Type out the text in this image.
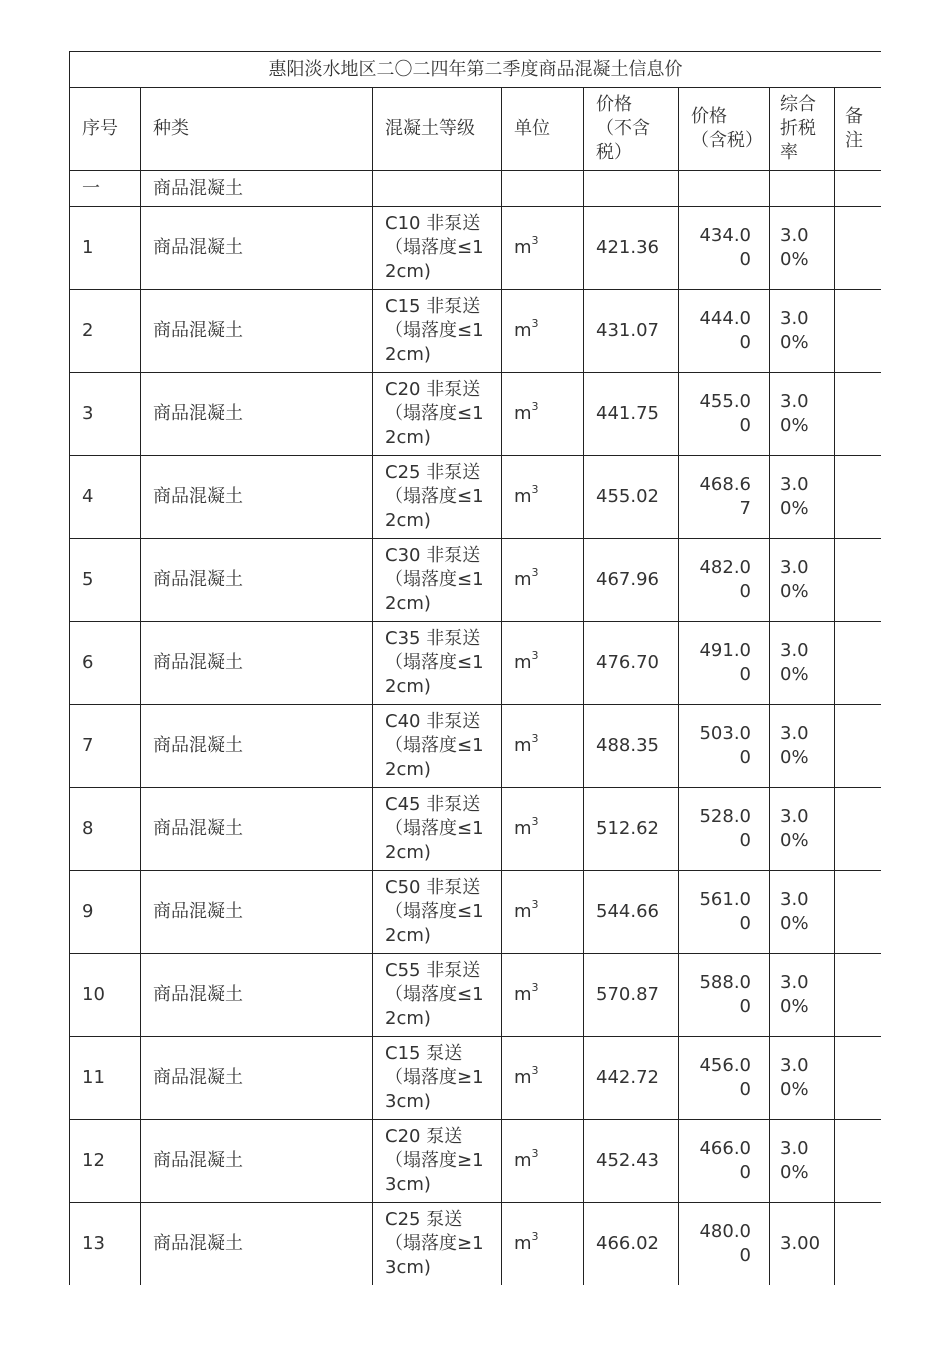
惠阳淡水地区二〇二四年第二季度商品混凝土信息价							
序号	种类	混凝土等级	单位	价格（不含税）	价格（含税）	综合折税率	备注
一	商品混凝土						
1	商品混凝土	C10 非泵送（塌落度≤12cm)	$m^3$	421.36	434.00	3.00%	
2	商品混凝土	C15 非泵送（塌落度≤12cm)	$m^3$	431.07	444.00	3.00%	
3	商品混凝土	C20 非泵送（塌落度≤12cm)	$m^3$	441.75	455.00	3.00%	
4	商品混凝土	C25 非泵送（塌落度≤12cm)	$m^3$	455.02	468.67	3.00%	
5	商品混凝土	C30 非泵送（塌落度≤12cm)	$m^3$	467.96	482.00	3.00%	
6	商品混凝土	C35 非泵送（塌落度≤12cm)	$m^3$	476.70	491.00	3.00%	
7	商品混凝土	C40 非泵送（塌落度≤12cm)	$m^3$	488.35	503.00	3.00%	
8	商品混凝土	C45 非泵送（塌落度≤12cm)	$m^3$	512.62	528.00	3.00%	
9	商品混凝土	C50 非泵送（塌落度≤12cm)	$m^3$	544.66	561.00	3.00%	
10	商品混凝土	C55 非泵送（塌落度≤12cm)	$m^3$	570.87	588.00	3.00%	
11	商品混凝土	C15 泵送（塌落度≥13cm)	$m^3$	442.72	456.00	3.00%	
12	商品混凝土	C20 泵送（塌落度≥13cm)	$m^3$	452.43	466.00	3.00%	
13	商品混凝土	C25 泵送（塌落度≥13cm)	$m^3$	466.02	480.00	3.00	
